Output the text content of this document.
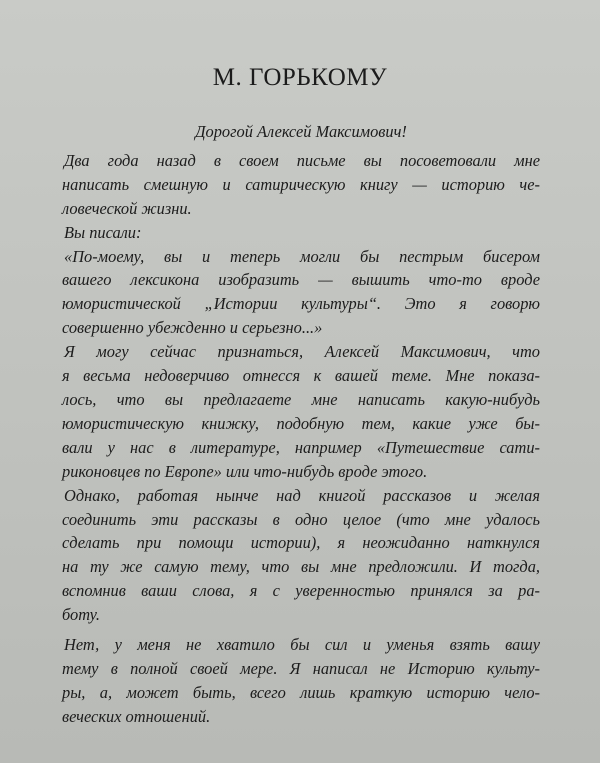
М. ГОРЬКОМУ
Дорогой Алексей Максимович!
Два года назад в своем письме вы посоветовали мне
написать смешную и сатирическую книгу — историю че-
ловеческой жизни.
Вы писали:
«По-моему, вы и теперь могли бы пестрым бисером
вашего лексикона изобразить — вышить что-то вроде
юмористической „Истории культуры“. Это я говорю
совершенно убежденно и серьезно...»
Я могу сейчас признаться, Алексей Максимович, что
я весьма недоверчиво отнесся к вашей теме. Мне показа-
лось, что вы предлагаете мне написать какую-нибудь
юмористическую книжку, подобную тем, какие уже бы-
вали у нас в литературе, например «Путешествие сати-
риконовцев по Европе» или что-нибудь вроде этого.
Однако, работая нынче над книгой рассказов и желая
соединить эти рассказы в одно целое (что мне удалось
сделать при помощи истории), я неожиданно наткнулся
на ту же самую тему, что вы мне предложили. И тогда,
вспомнив ваши слова, я с уверенностью принялся за ра-
боту.
Нет, у меня не хватило бы сил и уменья взять вашу
тему в полной своей мере. Я написал не Историю культу-
ры, а, может быть, всего лишь краткую историю чело-
веческих отношений.
